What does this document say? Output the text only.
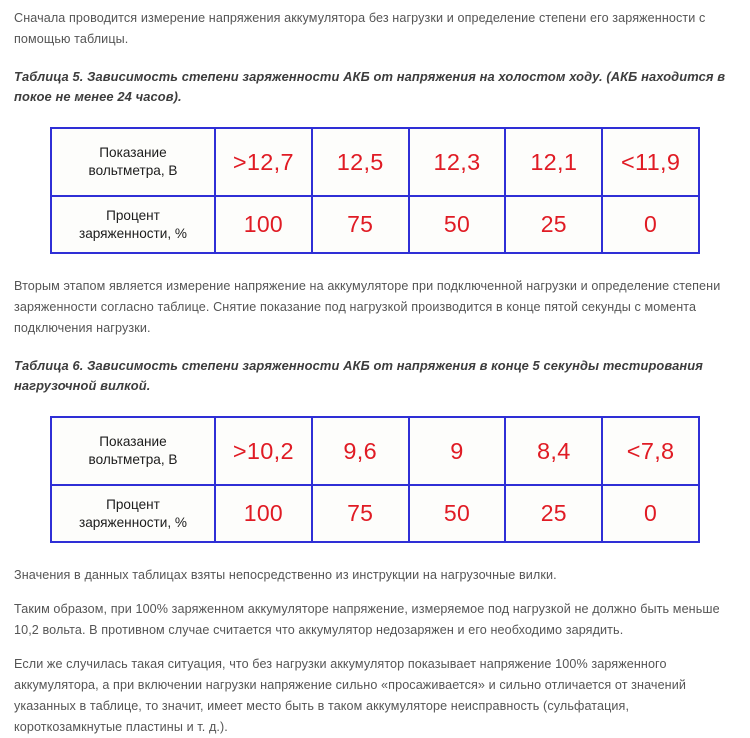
Сначала проводится измерение напряжения аккумулятора без нагрузки и определение степени его заряженности с помощью таблицы.

Таблица 5. Зависимость степени заряженности АКБ от напряжения на холостом ходу. (АКБ находится в покое не менее 24 часов).

Показание
вольтметра, В	>12,7	12,5	12,3	12,1	<11,9
Процент
заряженности, %	100	75	50	25	0

Вторым этапом является измерение напряжение на аккумуляторе при подключенной нагрузки и определение степени заряженности согласно таблице. Снятие показание под нагрузкой производится в конце пятой секунды с момента подключения нагрузки.

Таблица 6. Зависимость степени заряженности АКБ от напряжения в конце 5 секунды тестирования нагрузочной вилкой.

Показание
вольтметра, В	>10,2	9,6	9	8,4	<7,8
Процент
заряженности, %	100	75	50	25	0

Значения в данных таблицах взяты непосредственно из инструкции на нагрузочные вилки.

Таким образом, при 100% заряженном аккумуляторе напряжение, измеряемое под нагрузкой не должно быть меньше 10,2 вольта. В противном случае считается что аккумулятор недозаряжен и его необходимо зарядить.

Если же случилась такая ситуация, что без нагрузки аккумулятор показывает напряжение 100% заряженного аккумулятора, а при включении нагрузки напряжение сильно «просаживается» и сильно отличается от значений указанных в таблице, то значит, имеет место быть в таком аккумуляторе неисправность (сульфатация, короткозамкнутые пластины и т. д.).
